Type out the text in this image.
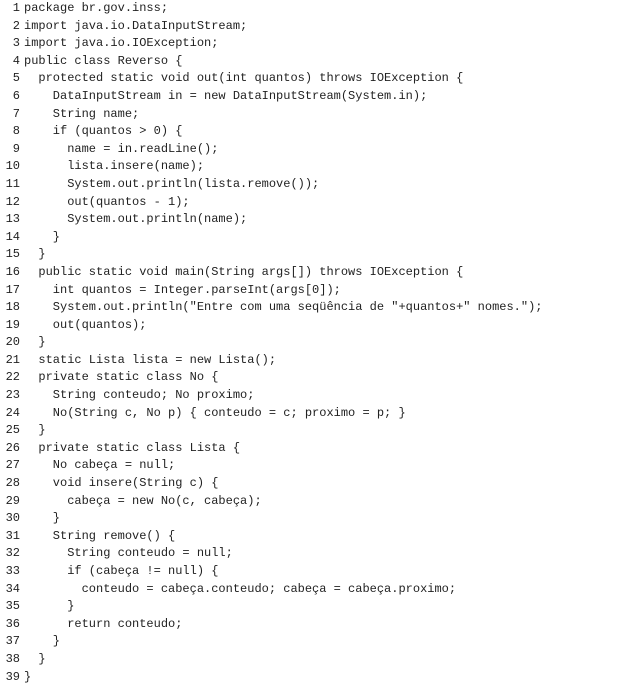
1 package br.gov.inss;
2 import java.io.DataInputStream;
3 import java.io.IOException;
4 public class Reverso {
5  protected static void out(int quantos) throws IOException {
6    DataInputStream in = new DataInputStream(System.in);
7    String name;
8    if (quantos > 0) {
9      name = in.readLine();
10      lista.insere(name);
11      System.out.println(lista.remove());
12      out(quantos - 1);
13      System.out.println(name);
14    }
15  }
16  public static void main(String args[]) throws IOException {
17    int quantos = Integer.parseInt(args[0]);
18    System.out.println("Entre com uma seqüência de "+quantos+" nomes.");
19    out(quantos);
20  }
21  static Lista lista = new Lista();
22  private static class No {
23    String conteudo; No proximo;
24    No(String c, No p) { conteudo = c; proximo = p; }
25  }
26  private static class Lista {
27    No cabeça = null;
28    void insere(String c) {
29      cabeça = new No(c, cabeça);
30    }
31    String remove() {
32      String conteudo = null;
33      if (cabeça != null) {
34        conteudo = cabeça.conteudo; cabeça = cabeça.proximo;
35      }
36      return conteudo;
37    }
38  }
39 }
